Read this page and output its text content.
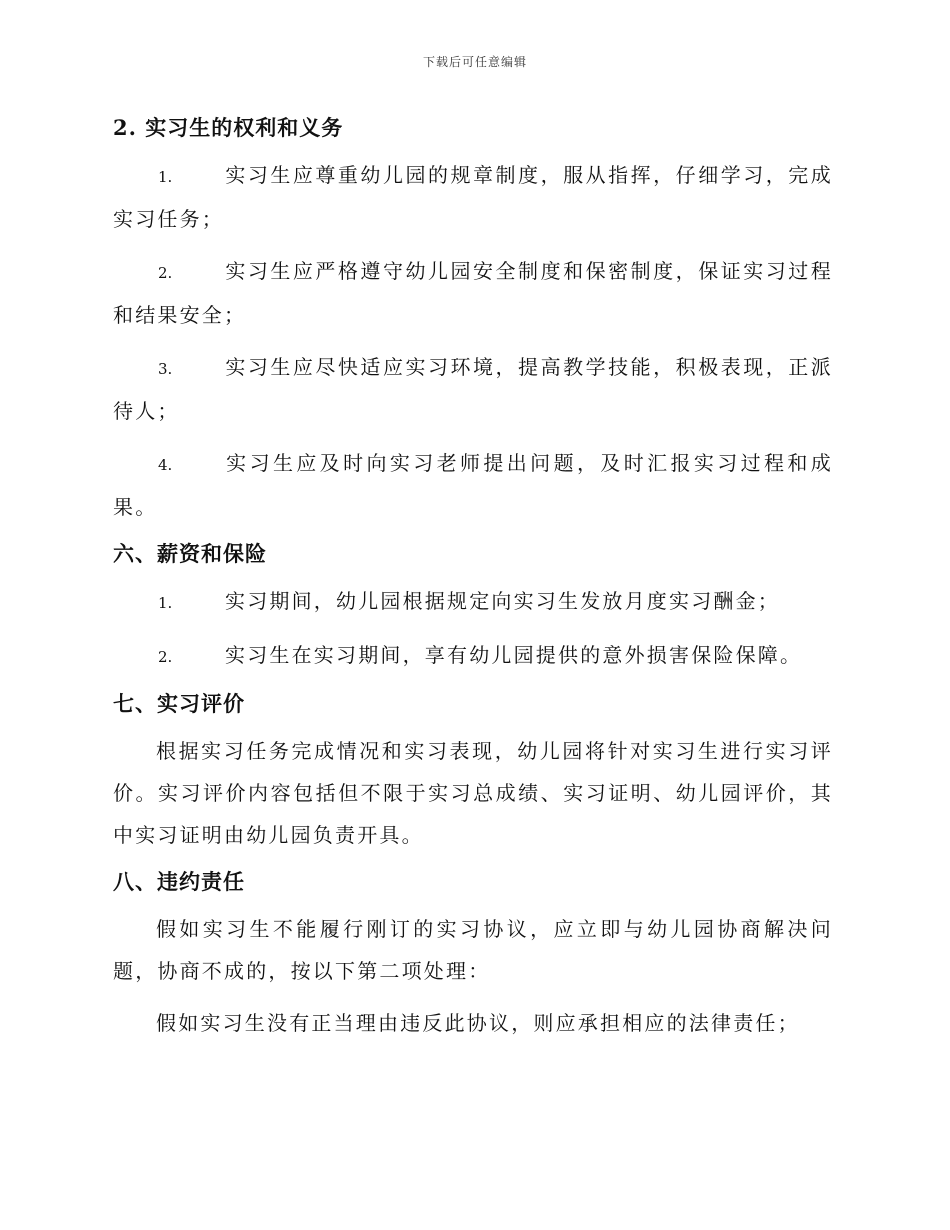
下载后可任意编辑

2. 实习生的权利和义务

1.	实习生应尊重幼儿园的规章制度，服从指挥，仔细学习，完成实习任务；

2.	实习生应严格遵守幼儿园安全制度和保密制度，保证实习过程和结果安全；

3.	实习生应尽快适应实习环境，提高教学技能，积极表现，正派待人；

4.	实习生应及时向实习老师提出问题，及时汇报实习过程和成果。

六、薪资和保险

1.	实习期间，幼儿园根据规定向实习生发放月度实习酬金；

2.	实习生在实习期间，享有幼儿园提供的意外损害保险保障。

七、实习评价

根据实习任务完成情况和实习表现，幼儿园将针对实习生进行实习评价。实习评价内容包括但不限于实习总成绩、实习证明、幼儿园评价，其中实习证明由幼儿园负责开具。

八、违约责任

假如实习生不能履行刚订的实习协议，应立即与幼儿园协商解决问题，协商不成的，按以下第二项处理：

假如实习生没有正当理由违反此协议，则应承担相应的法律责任；
